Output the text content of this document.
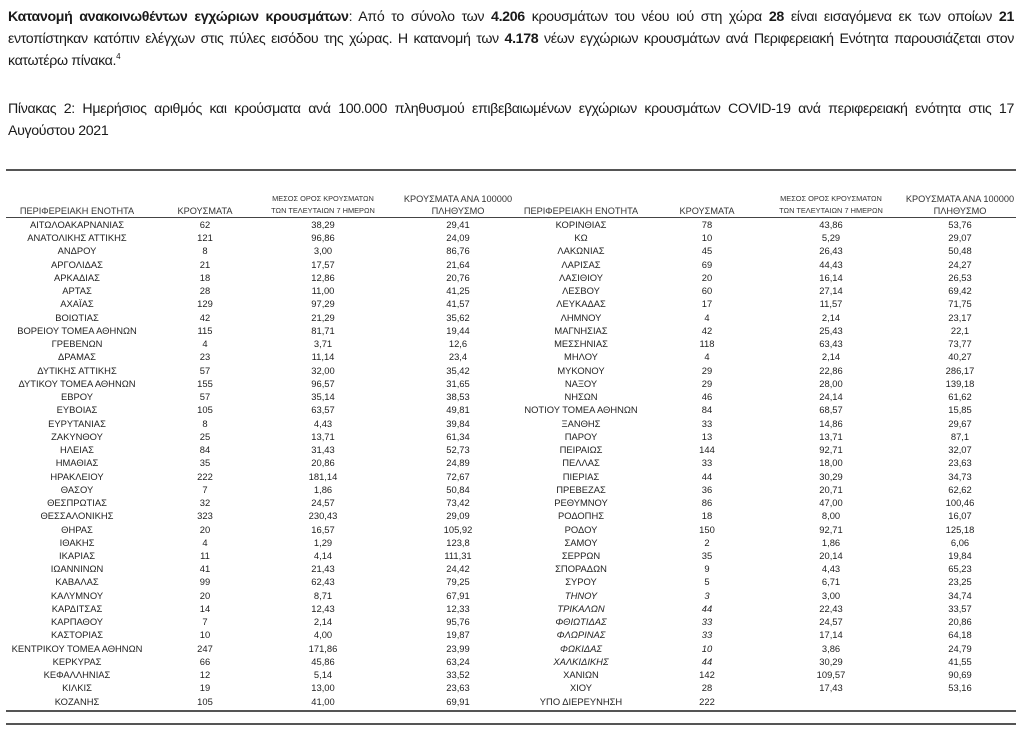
Κατανομή ανακοινωθέντων εγχώριων κρουσμάτων: Από το σύνολο των 4.206 κρουσμάτων του νέου ιού στη χώρα 28 είναι εισαγόμενα εκ των οποίων 21 εντοπίστηκαν κατόπιν ελέγχων στις πύλες εισόδου της χώρας. Η κατανομή των 4.178 νέων εγχώριων κρουσμάτων ανά Περιφερειακή Ενότητα παρουσιάζεται στον κατωτέρω πίνακα.$^4$
Πίνακας 2: Ημερήσιος αριθμός και κρούσματα ανά 100.000 πληθυσμού επιβεβαιωμένων εγχώριων κρουσμάτων COVID-19 ανά περιφερειακή ενότητα στις 17 Αυγούστου 2021
ΠΕΡΙΦΕΡΕΙΑΚΗ ΕΝΟΤΗΤΑ	ΚΡΟΥΣΜΑΤΑ
ΜΕΣΟΣ ΟΡΟΣ ΚΡΟΥΣΜΑΤΩΝ
ΤΩΝ ΤΕΛΕΥΤΑΙΩΝ 7 ΗΜΕΡΩΝ
ΚΡΟΥΣΜΑΤΑ ΑΝΑ 100000
ΠΛΗΘΥΣΜΟ
ΑΙΤΩΛΟΑΚΑΡΝΑΝΙΑΣ	62	38,29	29,41
ΑΝΑΤΟΛΙΚΗΣ ΑΤΤΙΚΗΣ	121	96,86	24,09
ΑΝΔΡΟΥ	8	3,00	86,76
ΑΡΓΟΛΙΔΑΣ	21	17,57	21,64
ΑΡΚΑΔΙΑΣ	18	12,86	20,76
ΑΡΤΑΣ	28	11,00	41,25
ΑΧΑΪΑΣ	129	97,29	41,57
ΒΟΙΩΤΙΑΣ	42	21,29	35,62
ΒΟΡΕΙΟΥ ΤΟΜΕΑ ΑΘΗΝΩΝ	115	81,71	19,44
ΓΡΕΒΕΝΩΝ	4	3,71	12,6
ΔΡΑΜΑΣ	23	11,14	23,4
ΔΥΤΙΚΗΣ ΑΤΤΙΚΗΣ	57	32,00	35,42
ΔΥΤΙΚΟΥ ΤΟΜΕΑ ΑΘΗΝΩΝ	155	96,57	31,65
ΕΒΡΟΥ	57	35,14	38,53
ΕΥΒΟΙΑΣ	105	63,57	49,81
ΕΥΡΥΤΑΝΙΑΣ	8	4,43	39,84
ΖΑΚΥΝΘΟΥ	25	13,71	61,34
ΗΛΕΙΑΣ	84	31,43	52,73
ΗΜΑΘΙΑΣ	35	20,86	24,89
ΗΡΑΚΛΕΙΟΥ	222	181,14	72,67
ΘΑΣΟΥ	7	1,86	50,84
ΘΕΣΠΡΩΤΙΑΣ	32	24,57	73,42
ΘΕΣΣΑΛΟΝΙΚΗΣ	323	230,43	29,09
ΘΗΡΑΣ	20	16,57	105,92
ΙΘΑΚΗΣ	4	1,29	123,8
ΙΚΑΡΙΑΣ	11	4,14	111,31
ΙΩΑΝΝΙΝΩΝ	41	21,43	24,42
ΚΑΒΑΛΑΣ	99	62,43	79,25
ΚΑΛΥΜΝΟΥ	20	8,71	67,91
ΚΑΡΔΙΤΣΑΣ	14	12,43	12,33
ΚΑΡΠΑΘΟΥ	7	2,14	95,76
ΚΑΣΤΟΡΙΑΣ	10	4,00	19,87
ΚΕΝΤΡΙΚΟΥ ΤΟΜΕΑ ΑΘΗΝΩΝ	247	171,86	23,99
ΚΕΡΚΥΡΑΣ	66	45,86	63,24
ΚΕΦΑΛΛΗΝΙΑΣ	12	5,14	33,52
ΚΙΛΚΙΣ	19	13,00	23,63
ΚΟΖΑΝΗΣ	105	41,00	69,91
ΠΕΡΙΦΕΡΕΙΑΚΗ ΕΝΟΤΗΤΑ	ΚΡΟΥΣΜΑΤΑ
ΜΕΣΟΣ ΟΡΟΣ ΚΡΟΥΣΜΑΤΩΝ
ΤΩΝ ΤΕΛΕΥΤΑΙΩΝ 7 ΗΜΕΡΩΝ
ΚΡΟΥΣΜΑΤΑ ΑΝΑ 100000
ΠΛΗΘΥΣΜΟ
ΚΟΡΙΝΘΙΑΣ	78	43,86	53,76
ΚΩ	10	5,29	29,07
ΛΑΚΩΝΙΑΣ	45	26,43	50,48
ΛΑΡΙΣΑΣ	69	44,43	24,27
ΛΑΣΙΘΙΟΥ	20	16,14	26,53
ΛΕΣΒΟΥ	60	27,14	69,42
ΛΕΥΚΑΔΑΣ	17	11,57	71,75
ΛΗΜΝΟΥ	4	2,14	23,17
ΜΑΓΝΗΣΙΑΣ	42	25,43	22,1
ΜΕΣΣΗΝΙΑΣ	118	63,43	73,77
ΜΗΛΟΥ	4	2,14	40,27
ΜΥΚΟΝΟΥ	29	22,86	286,17
ΝΑΞΟΥ	29	28,00	139,18
ΝΗΣΩΝ	46	24,14	61,62
ΝΟΤΙΟΥ ΤΟΜΕΑ ΑΘΗΝΩΝ	84	68,57	15,85
ΞΑΝΘΗΣ	33	14,86	29,67
ΠΑΡΟΥ	13	13,71	87,1
ΠΕΙΡΑΙΩΣ	144	92,71	32,07
ΠΕΛΛΑΣ	33	18,00	23,63
ΠΙΕΡΙΑΣ	44	30,29	34,73
ΠΡΕΒΕΖΑΣ	36	20,71	62,62
ΡΕΘΥΜΝΟΥ	86	47,00	100,46
ΡΟΔΟΠΗΣ	18	8,00	16,07
ΡΟΔΟΥ	150	92,71	125,18
ΣΑΜΟΥ	2	1,86	6,06
ΣΕΡΡΩΝ	35	20,14	19,84
ΣΠΟΡΑΔΩΝ	9	4,43	65,23
ΣΥΡΟΥ	5	6,71	23,25
ΤΗΝΟΥ	3	3,00	34,74
ΤΡΙΚΑΛΩΝ	44	22,43	33,57
ΦΘΙΩΤΙΔΑΣ	33	24,57	20,86
ΦΛΩΡΙΝΑΣ	33	17,14	64,18
ΦΩΚΙΔΑΣ	10	3,86	24,79
ΧΑΛΚΙΔΙΚΗΣ	44	30,29	41,55
ΧΑΝΙΩΝ	142	109,57	90,69
ΧΙΟΥ	28	17,43	53,16
ΥΠΟ ΔΙΕΡΕΥΝΗΣΗ	222
